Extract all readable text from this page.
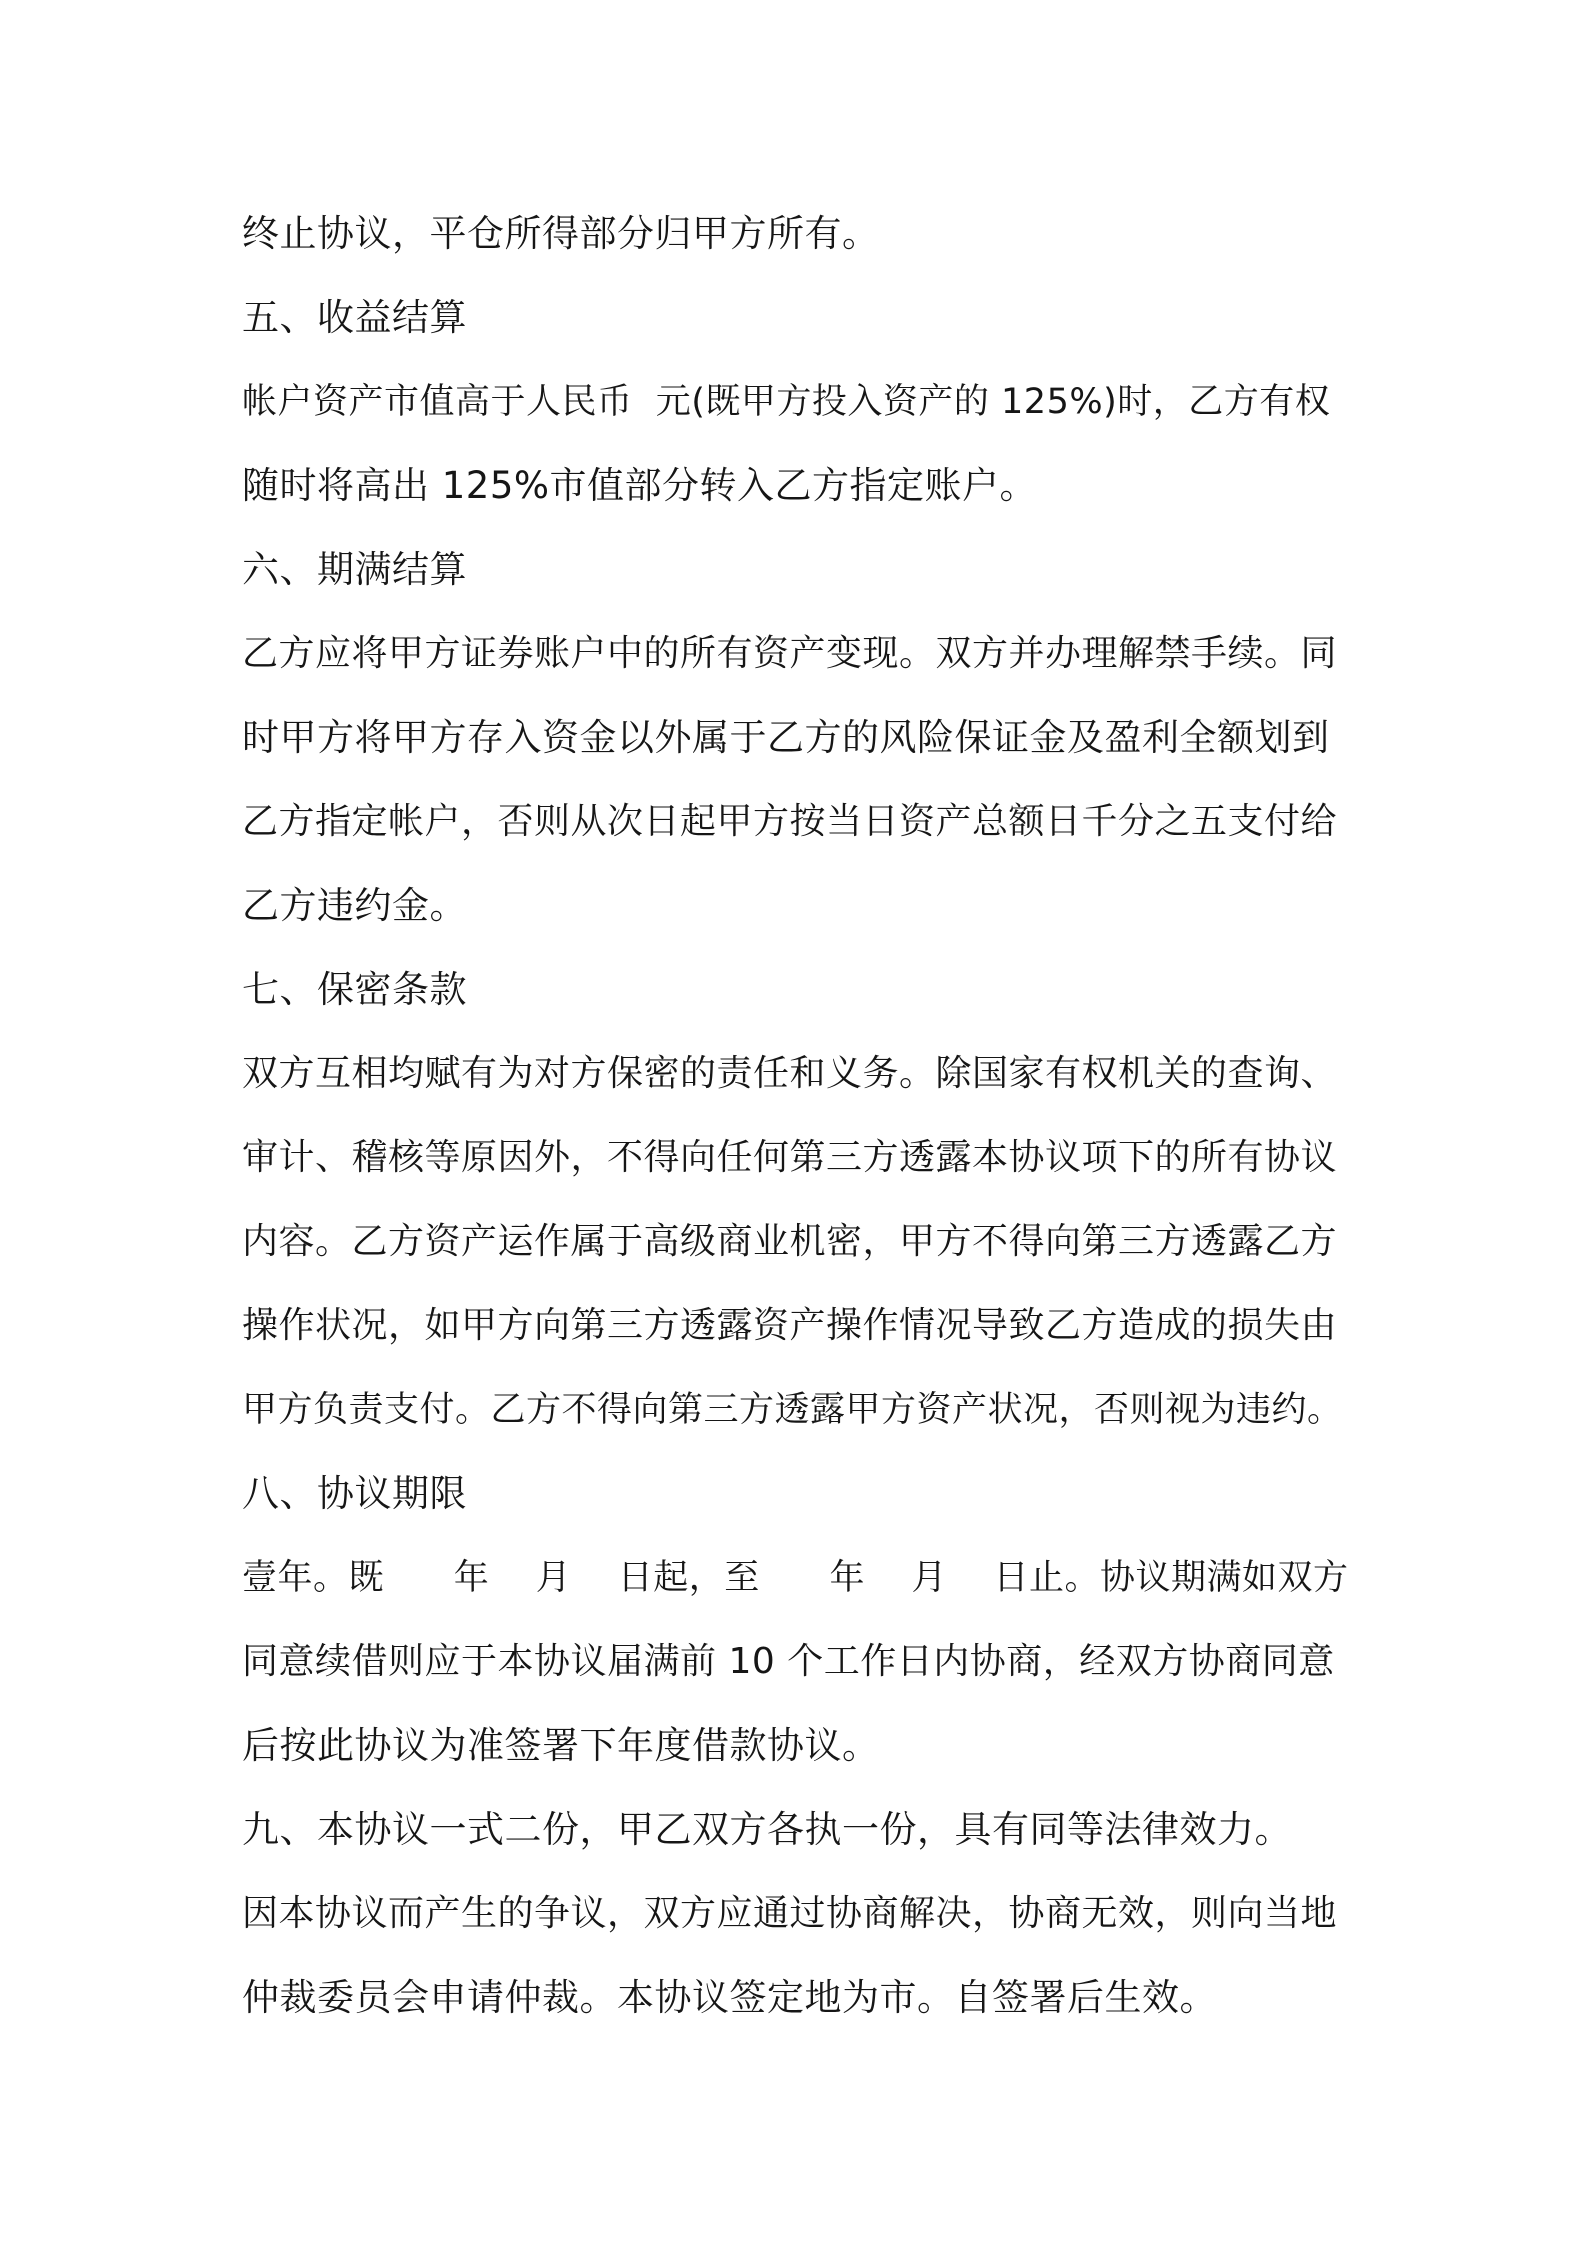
终止协议，平仓所得部分归甲方所有。

五、收益结算

帐户资产市值高于人民币  元(既甲方投入资产的 125%)时，乙方有权

随时将高出 125%市值部分转入乙方指定账户。

六、期满结算

乙方应将甲方证券账户中的所有资产变现。双方并办理解禁手续。同

时甲方将甲方存入资金以外属于乙方的风险保证金及盈利全额划到

乙方指定帐户，否则从次日起甲方按当日资产总额日千分之五支付给

乙方违约金。

七、保密条款

双方互相均赋有为对方保密的责任和义务。除国家有权机关的查询、

审计、稽核等原因外，不得向任何第三方透露本协议项下的所有协议

内容。乙方资产运作属于高级商业机密，甲方不得向第三方透露乙方

操作状况，如甲方向第三方透露资产操作情况导致乙方造成的损失由

甲方负责支付。乙方不得向第三方透露甲方资产状况，否则视为违约。

八、协议期限

壹年。既      年    月    日起，至      年    月    日止。协议期满如双方

同意续借则应于本协议届满前 10 个工作日内协商，经双方协商同意

后按此协议为准签署下年度借款协议。

九、本协议一式二份，甲乙双方各执一份，具有同等法律效力。

因本协议而产生的争议，双方应通过协商解决，协商无效，则向当地

仲裁委员会申请仲裁。本协议签定地为市。自签署后生效。
